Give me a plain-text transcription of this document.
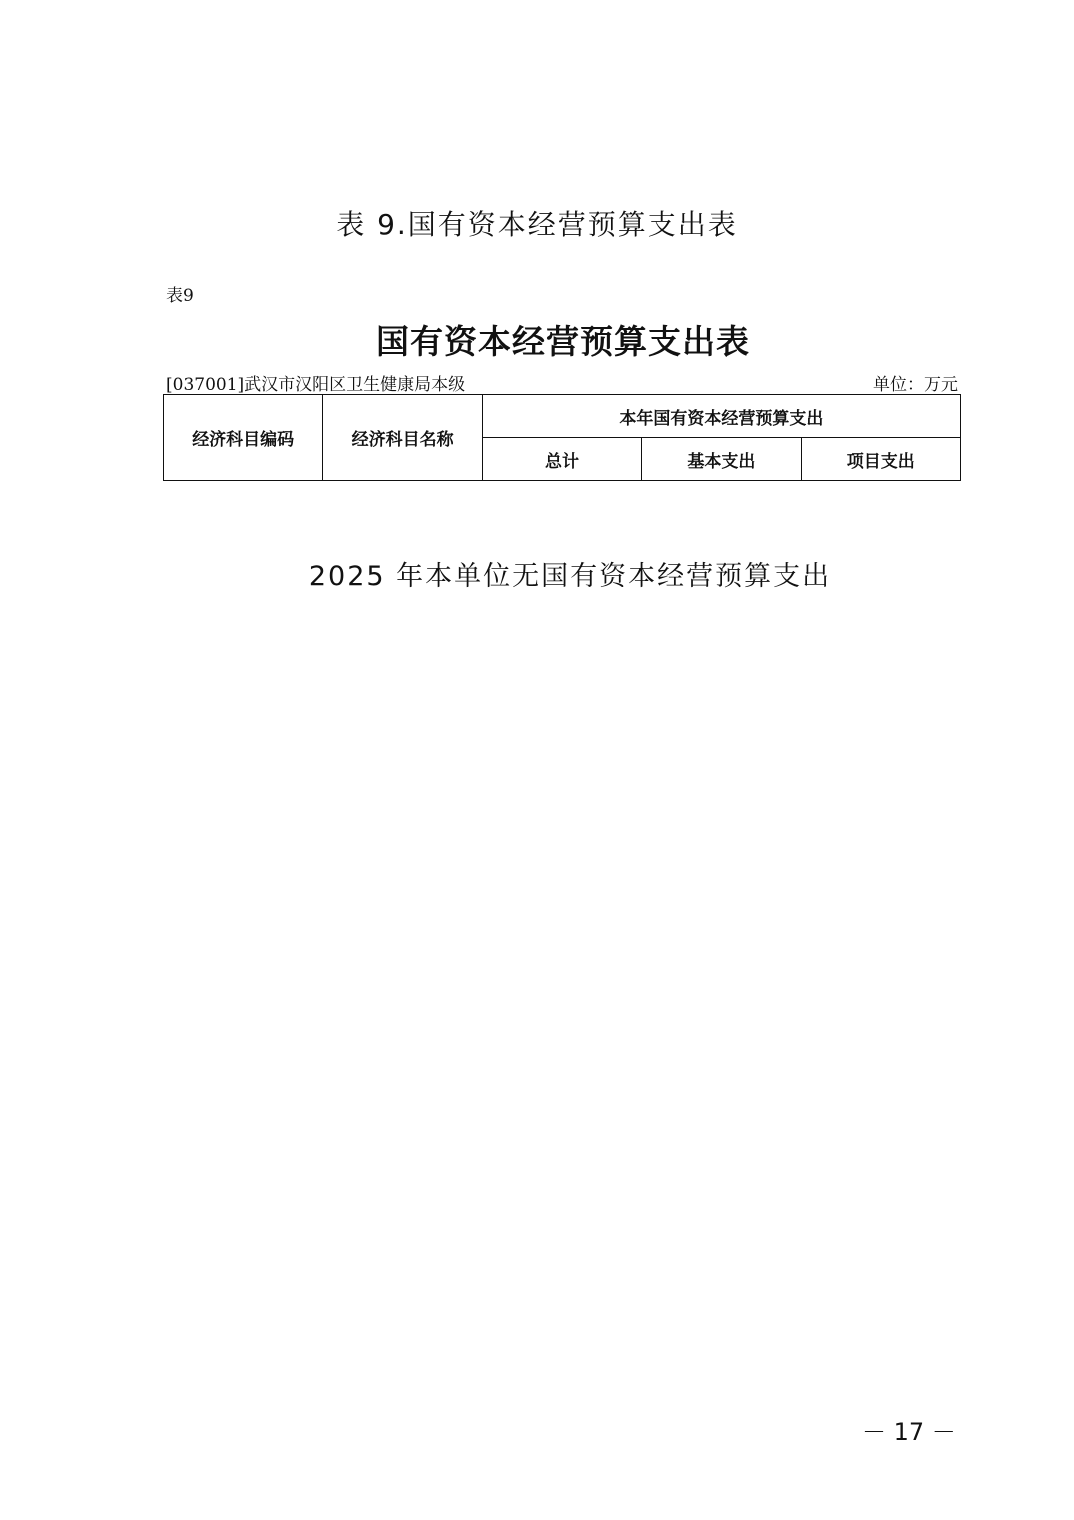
表 9.国有资本经营预算支出表
表9
国有资本经营预算支出表
[037001]武汉市汉阳区卫生健康局本级	单位：万元
经济科目编码	经济科目名称	本年国有资本经营预算支出		
		总计	基本支出	项目支出

2025 年本单位无国有资本经营预算支出

－ 17 －
